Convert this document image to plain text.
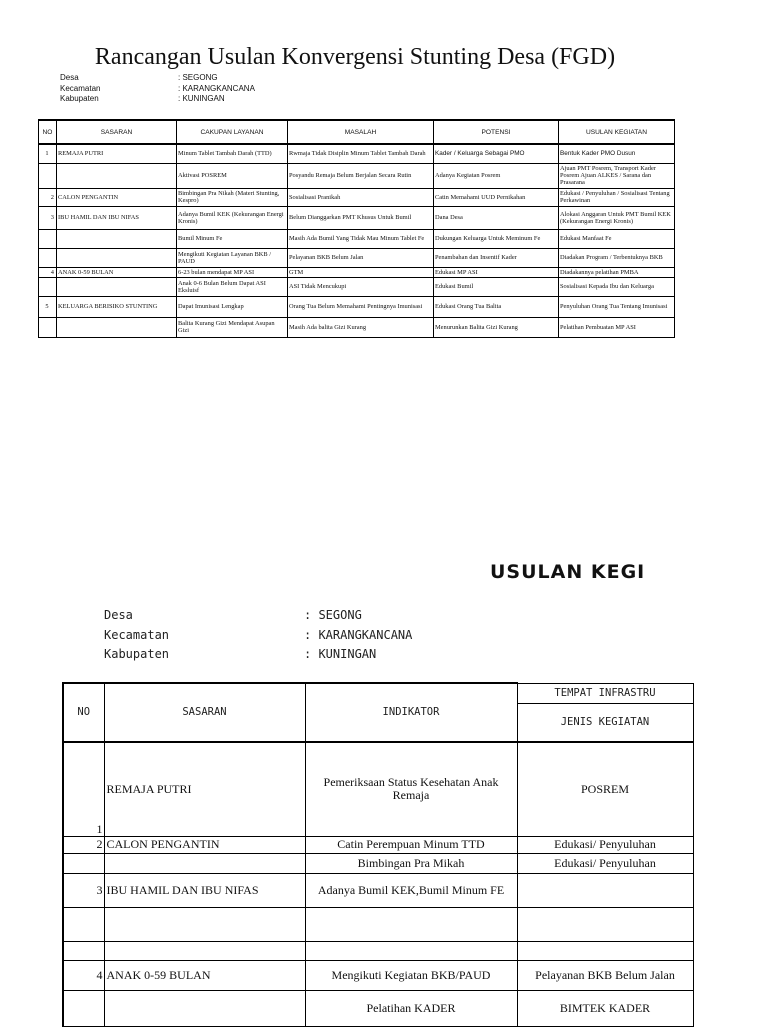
Rancangan Usulan Konvergensi Stunting Desa (FGD)
Desa	: SEGONG
Kecamatan	: KARANGKANCANA
Kabupaten	: KUNINGAN
NO	SASARAN	CAKUPAN LAYANAN	MASALAH	POTENSI	USULAN KEGIATAN
1	REMAJA PUTRI	Minum Tablet Tambah Darah (TTD)	Rwmaja Tidak Disiplin Minum Tablet Tambah Darah	Kader / Keluarga Sebagai PMO	Bentuk Kader PMO Dusun
		Aktivasi POSREM	Posyandu Remaja Belum Berjalan Secara Rutin	Adanya Kegiatan Posrem	Ajuan PMT Posrem, Transport Kader Posrem Ajuan ALKES / Sarana dan Prasarana
2	CALON PENGANTIN	Bimbingan Pra Nikah (Materi Stunting, Kespro)	Sosialisasi Pranikah	Catin Memahami UUD Pernikahan	Edukasi / Penyuluhan / Sosialisasi Tentang Perkawinan
3	IBU HAMIL DAN IBU NIFAS	Adanya Bumil KEK (Kekurangan Energi Kronis)	Belum Dianggarkan PMT Khusus Untuk Bumil	Dana Desa	Alokasi Anggaran Untuk PMT Bumil KEK (Kekurangan Energi Kronis)
		Bumil Minum Fe	Masih Ada Bumil Yang Tidak Mau Minum Tablet Fe	Dukungan Keluarga Untuk Meminum Fe	Edukasi Manfaat Fe
		Mengikuti Kegiatan Layanan BKB / PAUD	Pelayanan BKB Belum Jalan	Penambahan dan Insentif Kader	Diadakan Program / Terbentuknya BKB
4	ANAK 0-59 BULAN	6-23 bulan mendapat MP ASI	GTM	Edukasi MP ASI	Diadakannya pelatihan PMBA
		Anak 0-6 Bulan Belum Dapat ASI Eksluisf	ASI Tidak Mencukupi	Edukasi Bumil	Sosialisasi Kepada Ibu dan Keluarga
5	KELUARGA BERISIKO STUNTING	Dapat Imunisasi Lengkap	Orang Tua Belum Memahami Pentingnya Imunisasi	Edukasi Orang Tua Balita	Penyuluhan Orang Tua Tentang Imunisasi
		Balita Kurang Gizi Mendapat Asupan Gizi	Masih Ada balita Gizi Kurang	Menurunkan Balita Gizi Kurang	Pelatihan Pembuatan MP ASI
USULAN KEGI
Desa	: SEGONG
Kecamatan	: KARANGKANCANA
Kabupaten	: KUNINGAN
NO	SASARAN	INDIKATOR	TEMPAT INFRASTRU
			JENIS KEGIATAN
1	REMAJA PUTRI	Pemeriksaan Status Kesehatan Anak Remaja	POSREM
2	CALON PENGANTIN	Catin Perempuan Minum TTD	Edukasi/ Penyuluhan
		Bimbingan Pra Mikah	Edukasi/ Penyuluhan
3	IBU HAMIL DAN IBU NIFAS	Adanya Bumil KEK,Bumil Minum FE	

4	ANAK 0-59 BULAN	Mengikuti Kegiatan BKB/PAUD	Pelayanan BKB Belum Jalan
		Pelatihan KADER	BIMTEK KADER
